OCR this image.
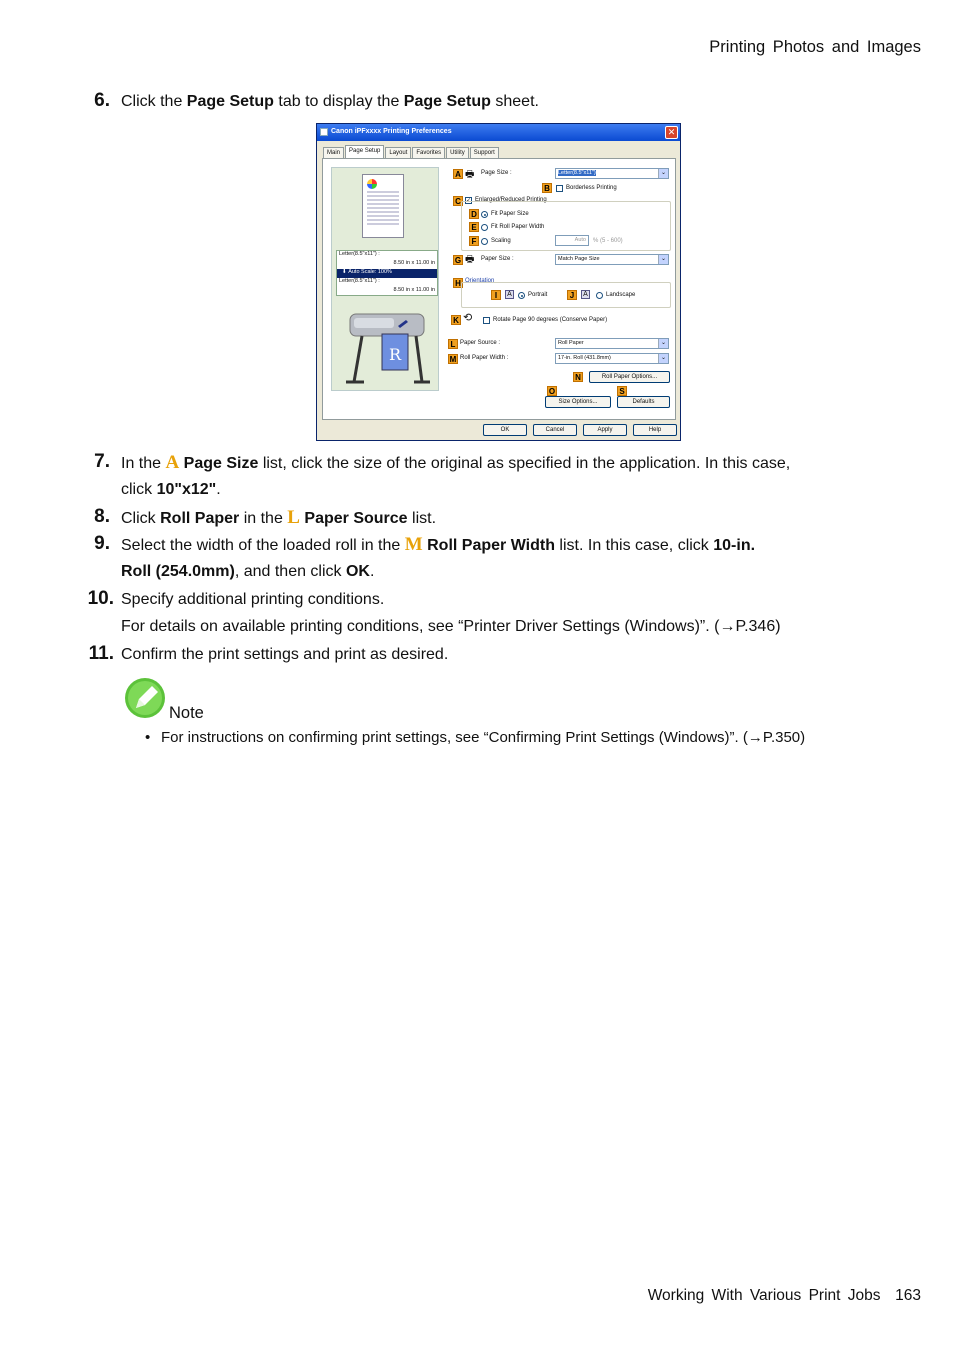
Printing Photos and Images
6. Click the Page Setup tab to display the Page Setup sheet.
Canon iPFxxxx Printing Preferences	✕
Main	Page Setup	Layout	Favorites	Utility	Support
Letter(8.5"x11") :
8.50 in x 11.00 in
⬇ Auto Scale: 100%
Letter(8.5"x11") :
8.50 in x 11.00 in
R
A 🖶 Page Size :	Letter(8.5"x11")	⌄
B	Borderless Printing
C ✓ Enlarged/Reduced Printing
D	Fit Paper Size
E	Fit Roll Paper Width
F	Scaling	Auto	% (5 - 600)
G 🖶 Paper Size :	Match Page Size	⌄
H Orientation
I	A	Portrait	J	A	Landscape
K ⟲	Rotate Page 90 degrees (Conserve Paper)
L Paper Source :	Roll Paper	⌄
M Roll Paper Width :	17-in. Roll (431.8mm)	⌄
N	Roll Paper Options...
O	S
Size Options...	Defaults
OK	Cancel	Apply	Help
7. In the A Page Size list, click the size of the original as specified in the application. In this case,
click 10"x12".
8. Click Roll Paper in the L Paper Source list.
9. Select the width of the loaded roll in the M Roll Paper Width list. In this case, click 10-in.
Roll (254.0mm), and then click OK.
10. Specify additional printing conditions.
For details on available printing conditions, see “Printer Driver Settings (Windows)”. (→P.346)
11. Confirm the print settings and print as desired.
Note
• For instructions on confirming print settings, see “Confirming Print Settings (Windows)”. (→P.350)
Working With Various Print Jobs 163
